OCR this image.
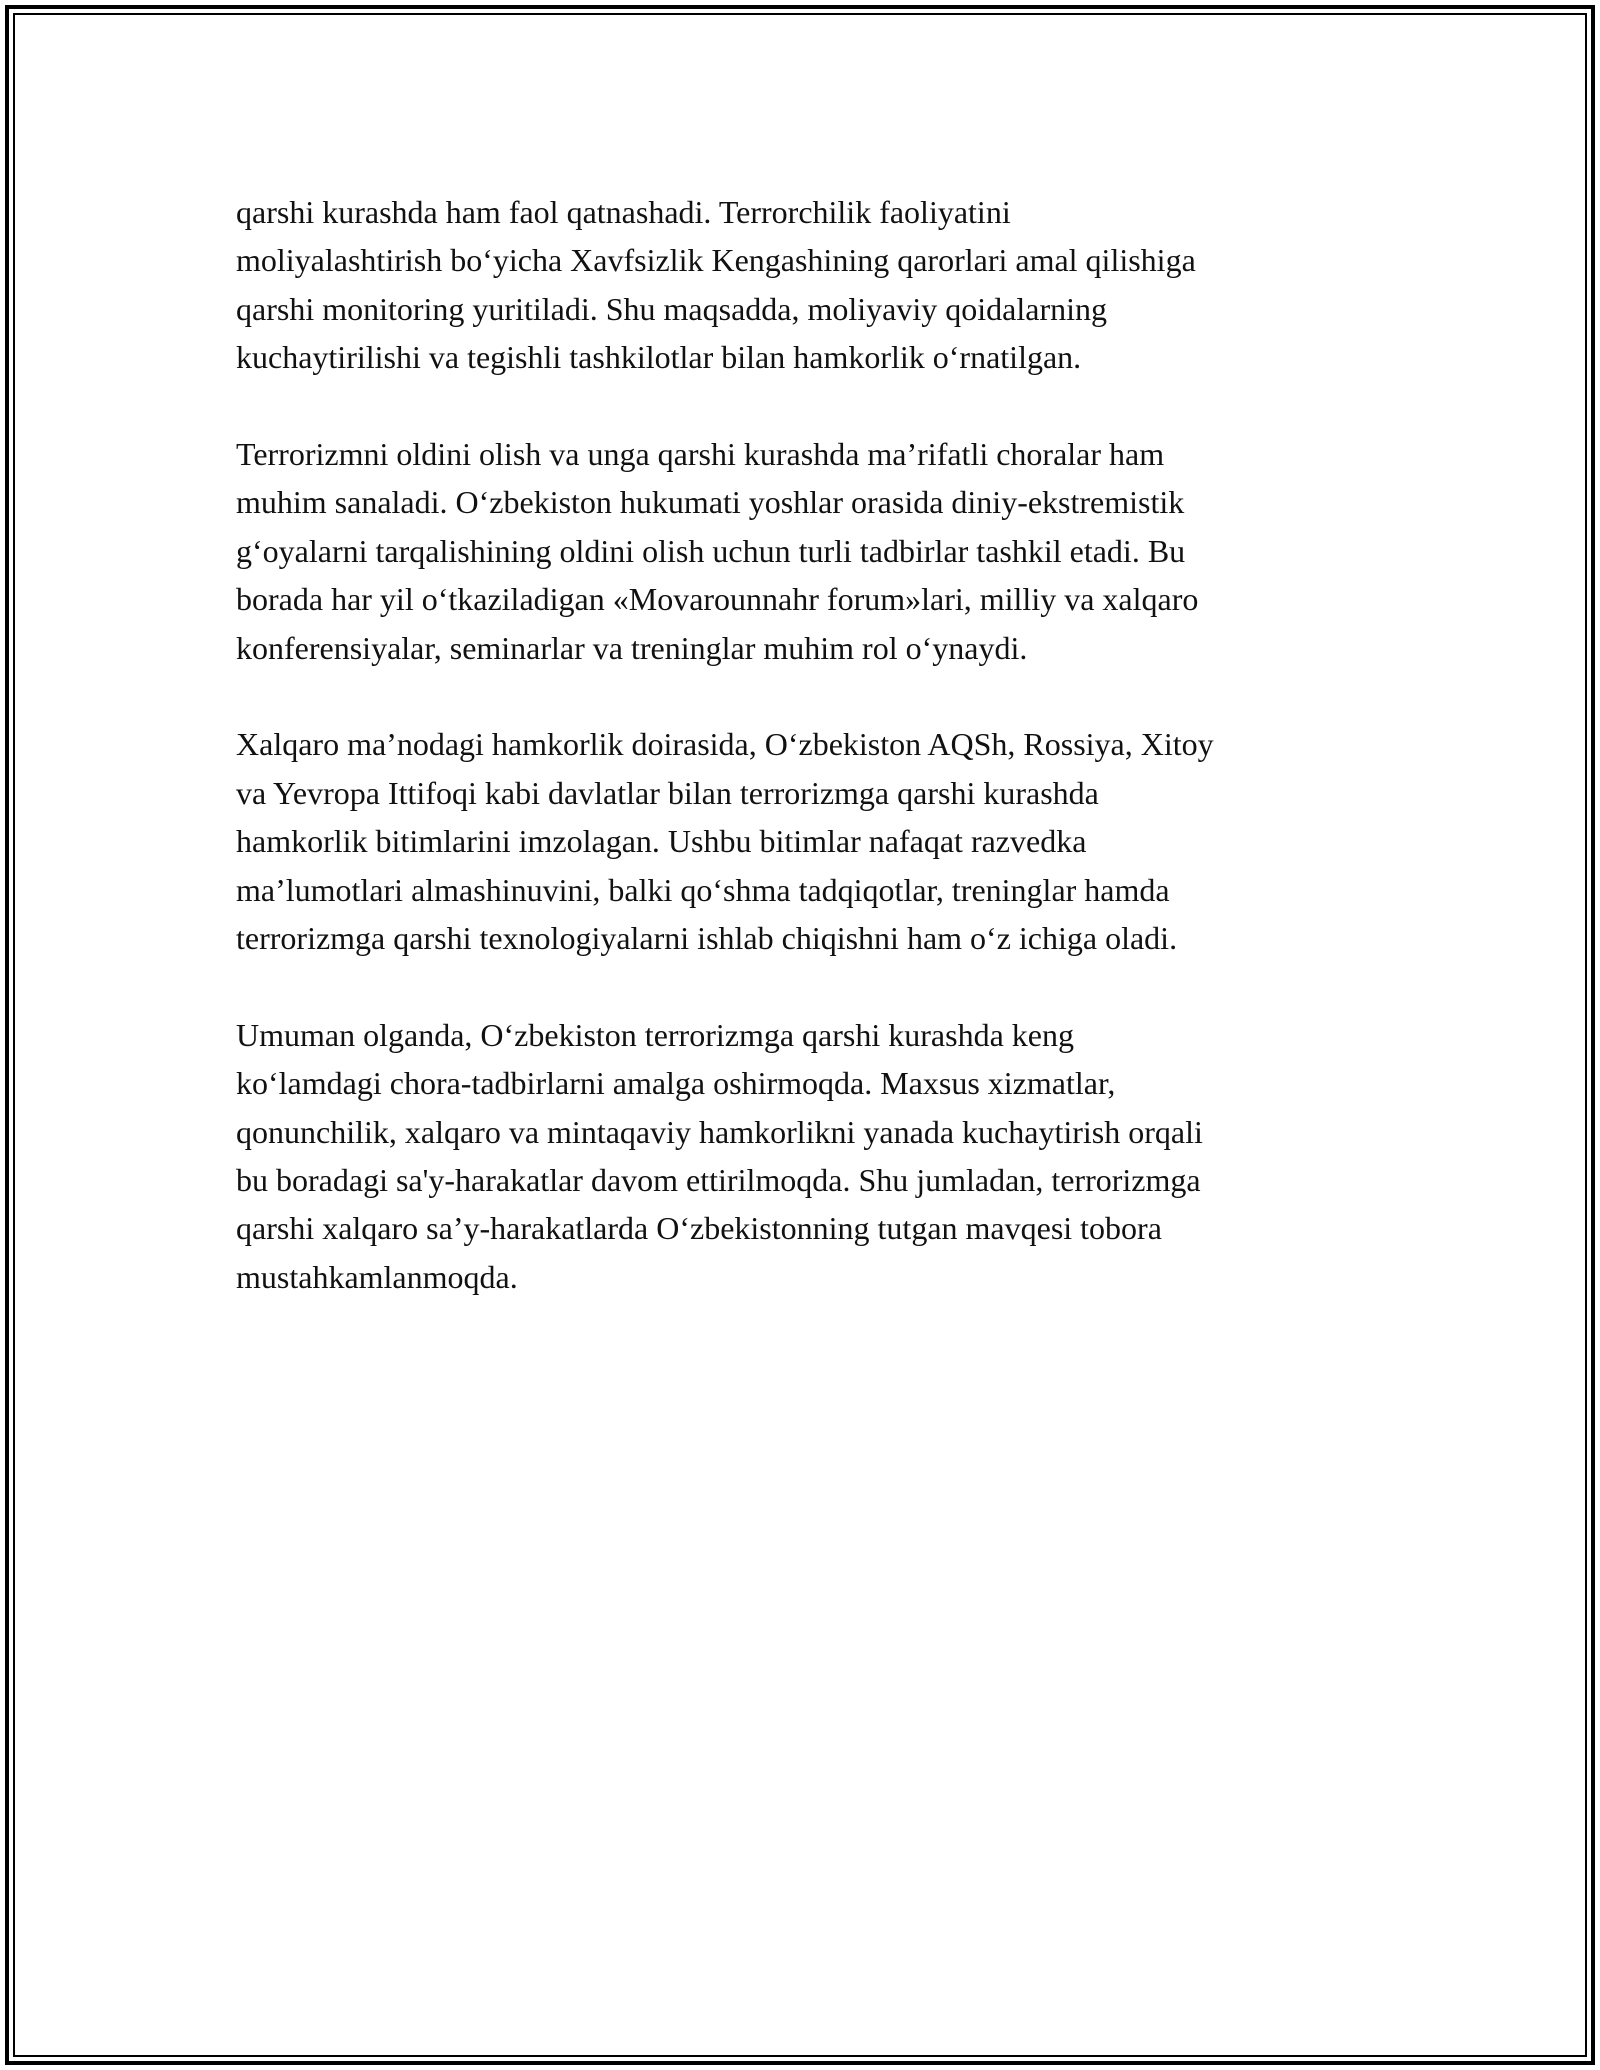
qarshi kurashda ham faol qatnashadi. Terrorchilik faoliyatini
moliyalashtirish bo‘yicha Xavfsizlik Kengashining qarorlari amal qilishiga
qarshi monitoring yuritiladi. Shu maqsadda, moliyaviy qoidalarning
kuchaytirilishi va tegishli tashkilotlar bilan hamkorlik o‘rnatilgan.

Terrorizmni oldini olish va unga qarshi kurashda ma’rifatli choralar ham
muhim sanaladi. O‘zbekiston hukumati yoshlar orasida diniy-ekstremistik
g‘oyalarni tarqalishining oldini olish uchun turli tadbirlar tashkil etadi. Bu
borada har yil o‘tkaziladigan «Movarounnahr forum»lari, milliy va xalqaro
konferensiyalar, seminarlar va treninglar muhim rol o‘ynaydi.

Xalqaro ma’nodagi hamkorlik doirasida, O‘zbekiston AQSh, Rossiya, Xitoy
va Yevropa Ittifoqi kabi davlatlar bilan terrorizmga qarshi kurashda
hamkorlik bitimlarini imzolagan. Ushbu bitimlar nafaqat razvedka
ma’lumotlari almashinuvini, balki qo‘shma tadqiqotlar, treninglar hamda
terrorizmga qarshi texnologiyalarni ishlab chiqishni ham o‘z ichiga oladi.

Umuman olganda, O‘zbekiston terrorizmga qarshi kurashda keng
ko‘lamdagi chora-tadbirlarni amalga oshirmoqda. Maxsus xizmatlar,
qonunchilik, xalqaro va mintaqaviy hamkorlikni yanada kuchaytirish orqali
bu boradagi sa'y-harakatlar davom ettirilmoqda. Shu jumladan, terrorizmga
qarshi xalqaro sa’y-harakatlarda O‘zbekistonning tutgan mavqesi tobora
mustahkamlanmoqda.
